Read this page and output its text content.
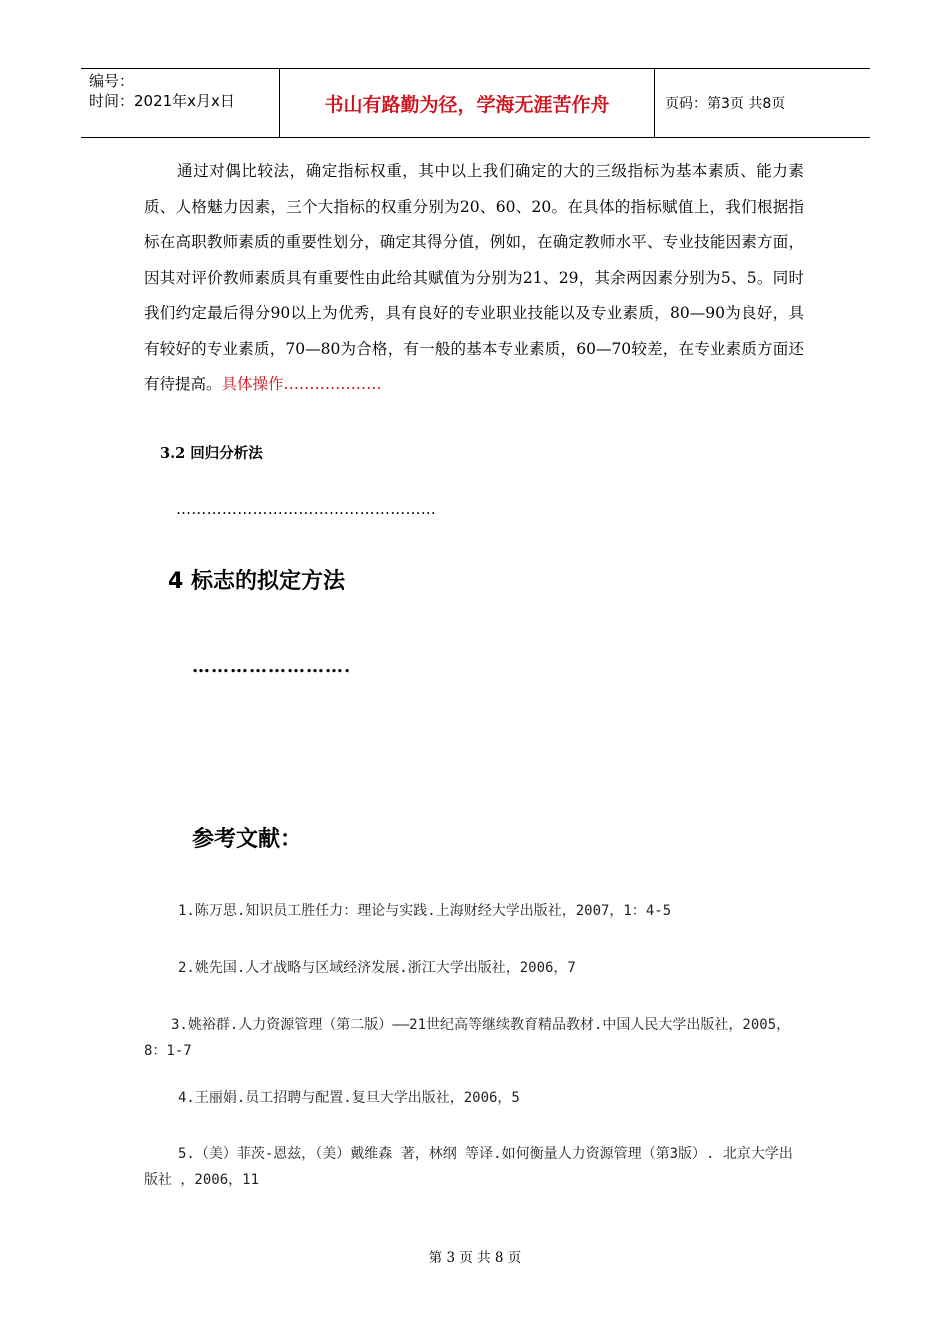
编号：
时间：2021年x月x日	书山有路勤为径，学海无涯苦作舟	页码：第3页 共8页
通过对偶比较法，确定指标权重，其中以上我们确定的大的三级指标为基本素质、能力素质、人格魅力因素，三个大指标的权重分别为20、60、20。在具体的指标赋值上，我们根据指标在高职教师素质的重要性划分，确定其得分值，例如，在确定教师水平、专业技能因素方面，因其对评价教师素质具有重要性由此给其赋值为分别为21、29，其余两因素分别为5、5。同时我们约定最后得分90以上为优秀，具有良好的专业职业技能以及专业素质，80—90为良好，具有较好的专业素质，70—80为合格，有一般的基本专业素质，60—70较差，在专业素质方面还有待提高。具体操作……………….
3.2 回归分析法
……………………………………………
4 标志的拟定方法
…………………….
参考文献：
1.陈万思.知识员工胜任力：理论与实践.上海财经大学出版社，2007，1：4-5
2.姚先国.人才战略与区域经济发展.浙江大学出版社，2006，7
3.姚裕群.人力资源管理（第二版）——21世纪高等继续教育精品教材.中国人民大学出版社，2005，8：1-7
4.王丽娟.员工招聘与配置.复旦大学出版社，2006，5
5.（美）菲茨-恩兹，（美）戴维森 著，林纲 等译.如何衡量人力资源管理（第3版）. 北京大学出版社 ，2006，11
第 3 页 共 8 页
